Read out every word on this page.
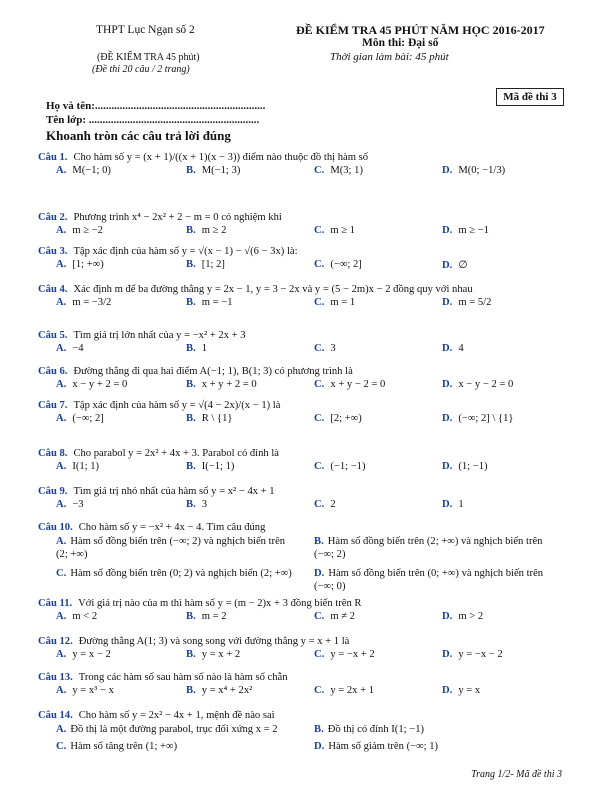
THPT Lục Ngạn số 2
(ĐỀ KIỂM TRA 45 phút)
(Đề thi 20 câu / 2 trang)
ĐỀ KIỂM TRA 45 PHÚT NĂM HỌC 2016-2017
Môn thi: Đại số
Thời gian làm bài: 45 phút
Mã đề thi 3
Họ và tên:..............................................................
Tên lớp: ..............................................................
Khoanh tròn các câu trả lời đúng
Câu 1. Cho hàm số y = (x + 1)/((x + 1)(x − 3)) điểm nào thuộc đồ thị hàm số
A. M(−1; 0)	B. M(−1; 3)	C. M(3; 1)	D. M(0; −1/3)
Câu 2. Phương trình x⁴ − 2x² + 2 − m = 0 có nghiệm khi
A. m ≥ −2	B. m ≥ 2	C. m ≥ 1	D. m ≥ −1
Câu 3. Tập xác định của hàm số y = √(x − 1) − √(6 − 3x) là:
A. [1; +∞)	B. [1; 2]	C. (−∞; 2]	D. ∅
Câu 4. Xác định m để ba đường thẳng y = 2x − 1, y = 3 − 2x và y = (5 − 2m)x − 2 đồng quy với nhau
A. m = −3/2	B. m = −1	C. m = 1	D. m = 5/2
Câu 5. Tìm giá trị lớn nhất của y = −x² + 2x + 3
A. −4	B. 1	C. 3	D. 4
Câu 6. Đường thẳng đi qua hai điểm A(−1; 1), B(1; 3) có phương trình là
A. x − y + 2 = 0	B. x + y + 2 = 0	C. x + y − 2 = 0	D. x − y − 2 = 0
Câu 7. Tập xác định của hàm số y = √(4 − 2x)/(x − 1) là
A. (−∞; 2]	B. R \ {1}	C. [2; +∞)	D. (−∞; 2] \ {1}
Câu 8. Cho parabol y = 2x² + 4x + 3. Parabol có đỉnh là
A. I(1; 1)	B. I(−1; 1)	C. (−1; −1)	D. (1; −1)
Câu 9. Tìm giá trị nhỏ nhất của hàm số y = x² − 4x + 1
A. −3	B. 3	C. 2	D. 1
Câu 10. Cho hàm số y = −x² + 4x − 4. Tìm câu đúng
A. Hàm số đồng biến trên (−∞; 2) và nghịch biến trên (2; +∞)
B. Hàm số đồng biến trên (2; +∞) và nghịch biến trên (−∞; 2)
C. Hàm số đồng biến trên (0; 2) và nghịch biến (2; +∞) D. Hàm số đồng biến trên (0; +∞) và nghịch biến trên (−∞; 0)
Câu 11. Với giá trị nào của m thì hàm số y = (m − 2)x + 3 đồng biến trên R
A. m < 2	B. m = 2	C. m ≠ 2	D. m > 2
Câu 12. Đường thẳng A(1; 3) và song song với đường thẳng y = x + 1 là
A. y = x − 2	B. y = x + 2	C. y = −x + 2	D. y = −x − 2
Câu 13. Trong các hàm số sau hàm số nào là hàm số chẵn
A. y = x³ − x	B. y = x⁴ + 2x²	C. y = 2x + 1	D. y = x
Câu 14. Cho hàm số y = 2x² − 4x + 1, mệnh đề nào sai
A. Đồ thị là một đường parabol, trục đối xứng x = 2	B. Đồ thị có đỉnh I(1; −1)
C. Hàm số tăng trên (1; +∞)	D. Hàm số giảm trên (−∞; 1)
Trang 1/2- Mã đề thi 3
